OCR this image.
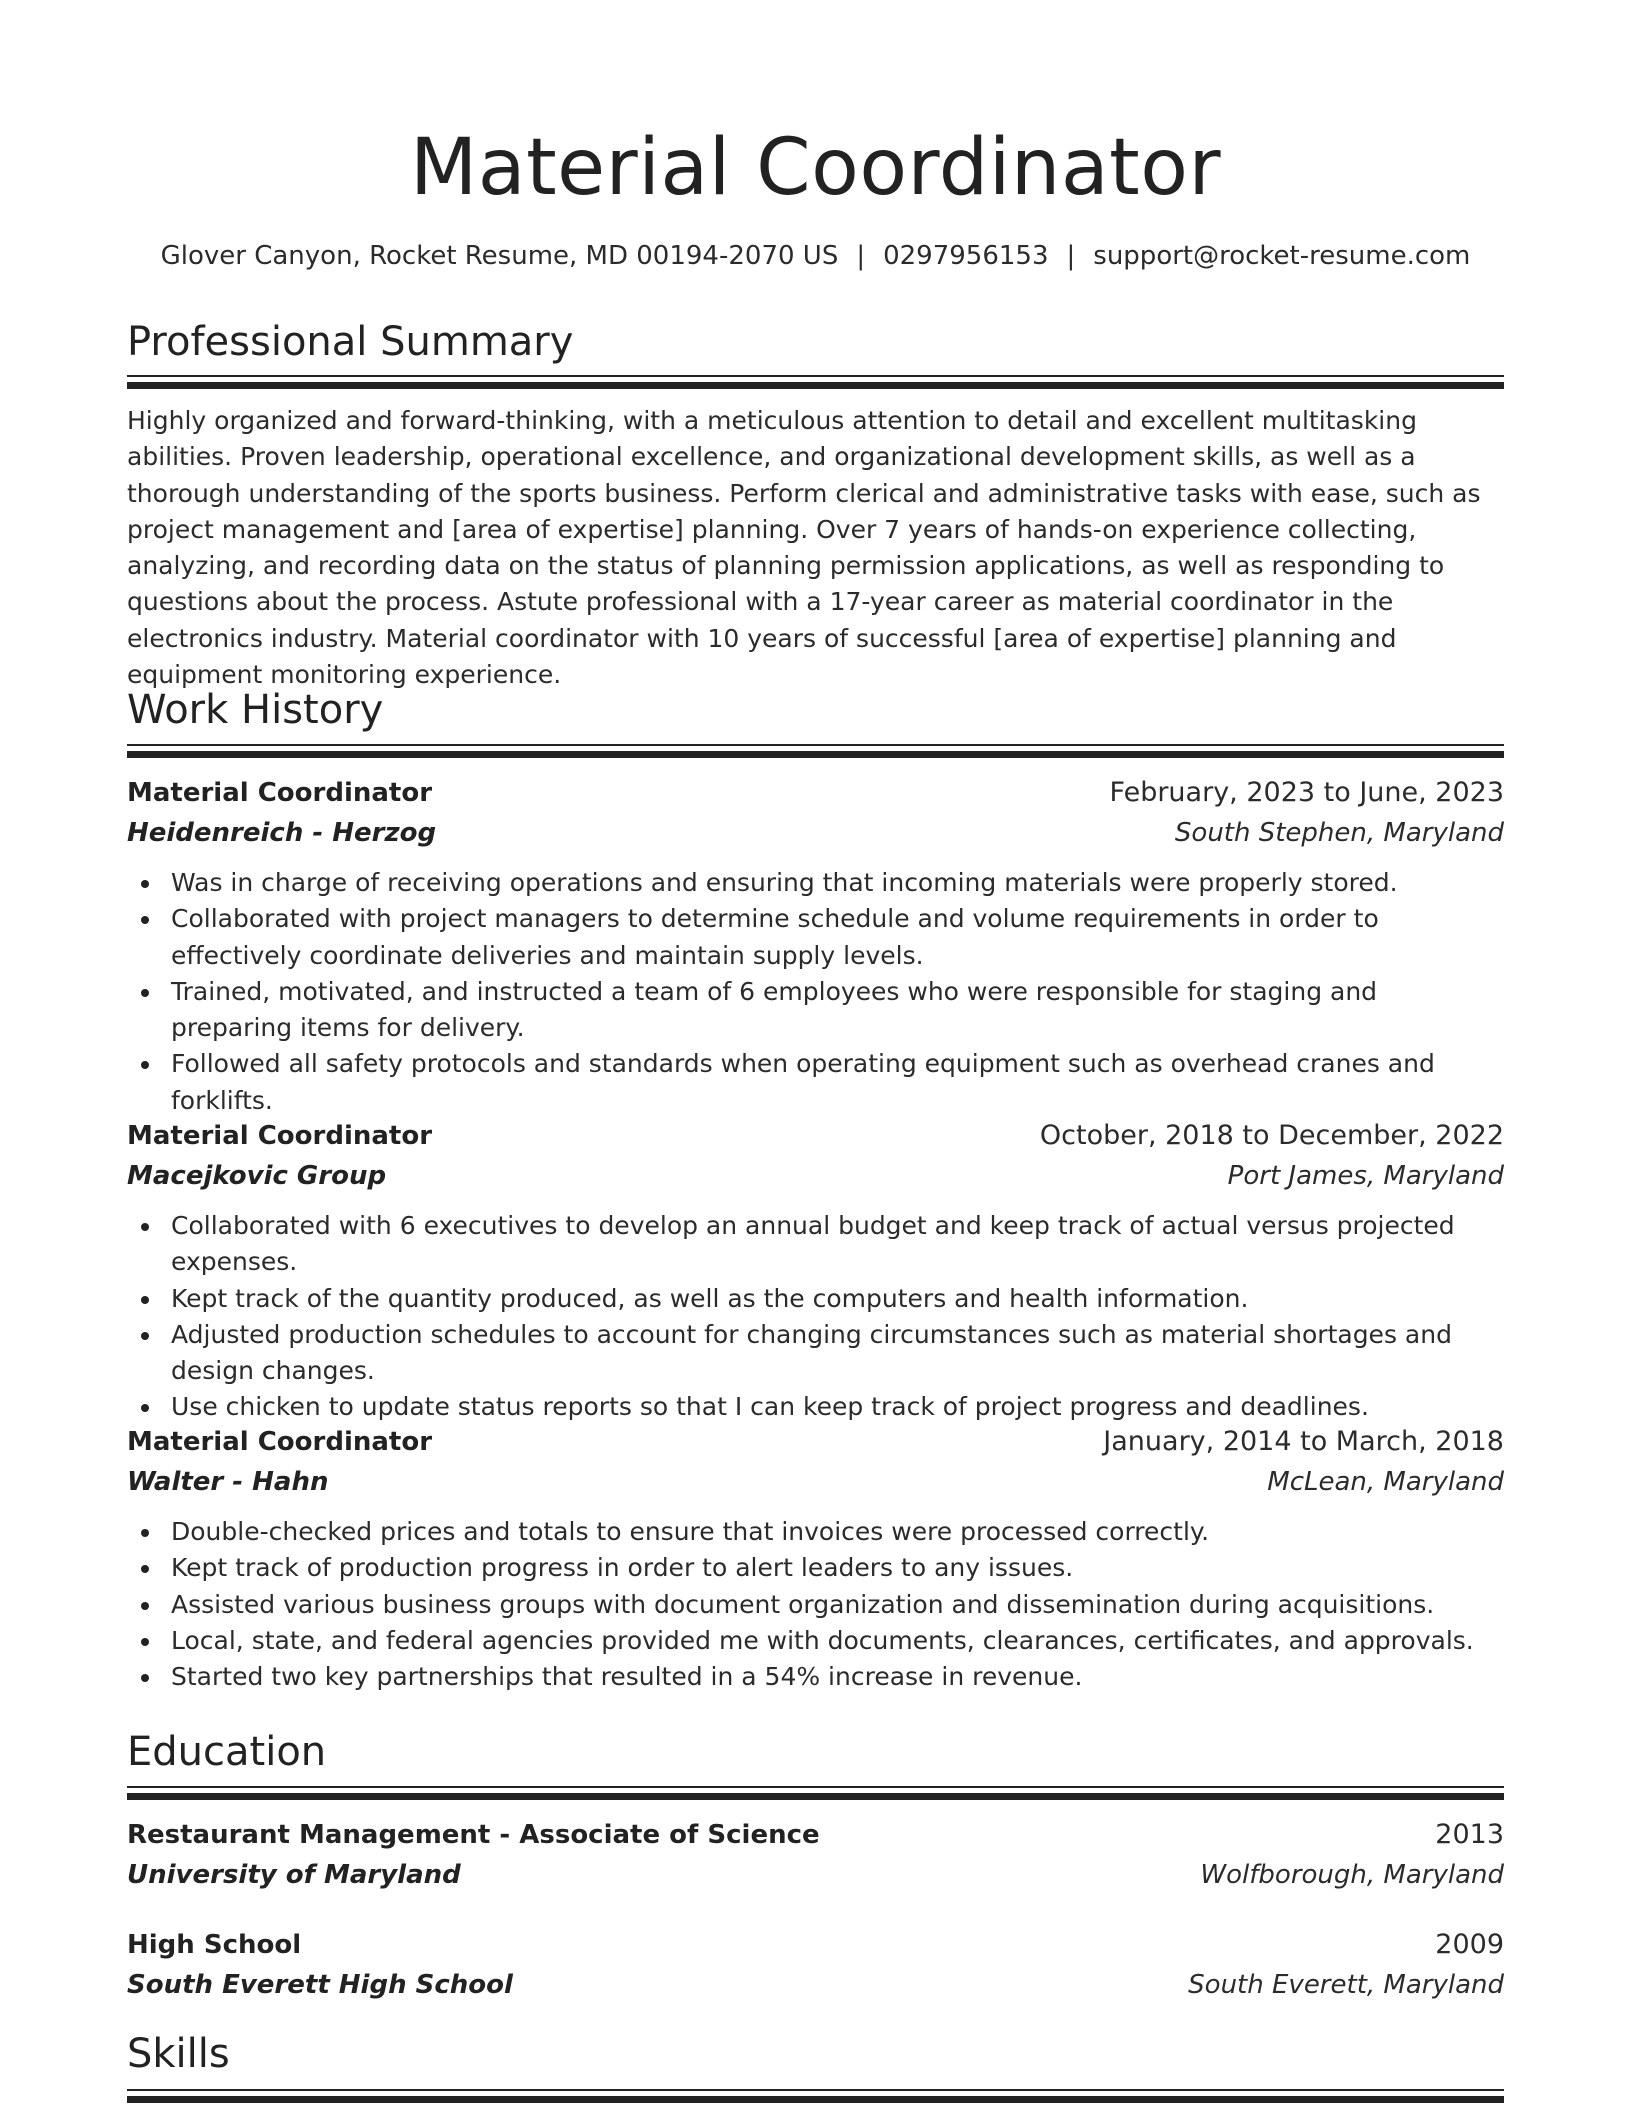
Material Coordinator
Glover Canyon, Rocket Resume, MD 00194-2070 US | 0297956153 | support@rocket-resume.com
Professional Summary

Highly organized and forward-thinking, with a meticulous attention to detail and excellent multitasking abilities. Proven leadership, operational excellence, and organizational development skills, as well as a thorough understanding of the sports business. Perform clerical and administrative tasks with ease, such as project management and [area of expertise] planning. Over 7 years of hands-on experience collecting, analyzing, and recording data on the status of planning permission applications, as well as responding to questions about the process. Astute professional with a 17-year career as material coordinator in the electronics industry. Material coordinator with 10 years of successful [area of expertise] planning and equipment monitoring experience.

Work History
Material Coordinator	February, 2023 to June, 2023
Heidenreich - Herzog	South Stephen, Maryland
Was in charge of receiving operations and ensuring that incoming materials were properly stored.
Collaborated with project managers to determine schedule and volume requirements in order to effectively coordinate deliveries and maintain supply levels.
Trained, motivated, and instructed a team of 6 employees who were responsible for staging and preparing items for delivery.
Followed all safety protocols and standards when operating equipment such as overhead cranes and forklifts.
Material Coordinator	October, 2018 to December, 2022
Macejkovic Group	Port James, Maryland
Collaborated with 6 executives to develop an annual budget and keep track of actual versus projected expenses.
Kept track of the quantity produced, as well as the computers and health information.
Adjusted production schedules to account for changing circumstances such as material shortages and design changes.
Use chicken to update status reports so that I can keep track of project progress and deadlines.
Material Coordinator	January, 2014 to March, 2018
Walter - Hahn	McLean, Maryland
Double-checked prices and totals to ensure that invoices were processed correctly.
Kept track of production progress in order to alert leaders to any issues.
Assisted various business groups with document organization and dissemination during acquisitions.
Local, state, and federal agencies provided me with documents, clearances, certificates, and approvals.
Started two key partnerships that resulted in a 54% increase in revenue.
Education
Restaurant Management - Associate of Science	2013
University of Maryland	Wolfborough, Maryland
High School	2009
South Everett High School	South Everett, Maryland
Skills
